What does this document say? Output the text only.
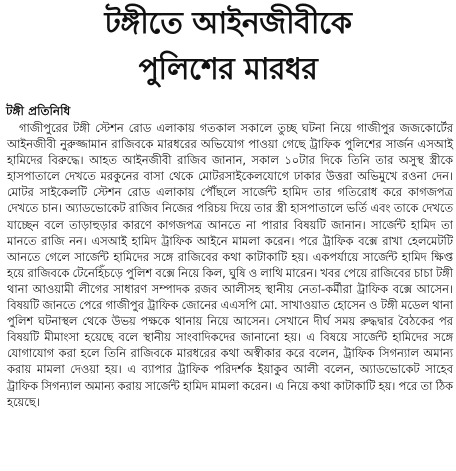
টঙ্গীতে আইনজীবীকে
পুলিশের মারধর
টঙ্গী প্রতিনিধি

গাজীপুরের টঙ্গী স্টেশন রোড এলাকায় গতকাল সকালে তুচ্ছ ঘটনা নিয়ে গাজীপুর জজকোর্টের আইনজীবী নুরুজ্জামান রাজিবকে মারধরের অভিযোগ পাওয়া গেছে ট্রাফিক পুলিশের সার্জন এসআই হামিদের বিরুদ্ধে। আহত আইনজীবী রাজিব জানান, সকাল ১০টার দিকে তিনি তার অসুস্থ স্ত্রীকে হাসপাতালে দেখতে মরকুনের বাসা থেকে মোটরসাইকেলযোগে ঢাকার উত্তরা অভিমুখে রওনা দেন। মোটর সাইকেলটি স্টেশন রোড এলাকায় পৌঁছলে সার্জেন্ট হামিদ তার গতিরোধ করে কাগজপত্র দেখতে চান। অ্যাডভোকেট রাজিব নিজের পরিচয় দিয়ে তার স্ত্রী হাসপাতালে ভর্তি এবং তাকে দেখতে যাচ্ছেন বলে তাড়াহুড়ার কারণে কাগজপত্র আনতে না পারার বিষয়টি জানান। সার্জেন্ট হামিদ তা মানতে রাজি নন। এসআই হামিদ ট্রাফিক আইনে মামলা করেন। পরে ট্রাফিক বক্সে রাখা হেলমেটটি আনতে গেলে সার্জেন্ট হামিদের সঙ্গে রাজিবের কথা কাটাকাটি হয়। একপর্যায়ে সার্জেন্ট হামিদ ক্ষিপ্ত হয়ে রাজিবকে টেনেহিঁচড়ে পুলিশ বক্সে নিয়ে কিল, ঘুষি ও লাথি মারেন। খবর পেয়ে রাজিবের চাচা টঙ্গী থানা আওয়ামী লীগের সাধারণ সম্পাদক রজব আলীসহ স্থানীয় নেতা-কর্মীরা ট্রাফিক বক্সে আসেন। বিষয়টি জানতে পেরে গাজীপুর ট্রাফিক জোনের এএসপি মো. সাখাওয়াত হোসেন ও টঙ্গী মডেল থানা পুলিশ ঘটনাস্থল থেকে উভয় পক্ষকে থানায় নিয়ে আসেন। সেখানে দীর্ঘ সময় রুদ্ধদ্বার বৈঠকের পর বিষয়টি মীমাংসা হয়েছে বলে স্থানীয় সাংবাদিকদের জানানো হয়। এ বিষয়ে সার্জেন্ট হামিদের সঙ্গে যোগাযোগ করা হলে তিনি রাজিবকে মারধরের কথা অস্বীকার করে বলেন, ট্রাফিক সিগন্যাল অমান্য করায় মামলা দেওয়া হয়। এ ব্যাপার ট্রাফিক পরিদর্শক ইয়াকুব আলী বলেন, অ্যাডভোকেট সাহেব ট্রাফিক সিগন্যাল অমান্য করায় সার্জেন্ট হামিদ মামলা করেন। এ নিয়ে কথা কাটাকাটি হয়। পরে তা ঠিক হয়েছে।
